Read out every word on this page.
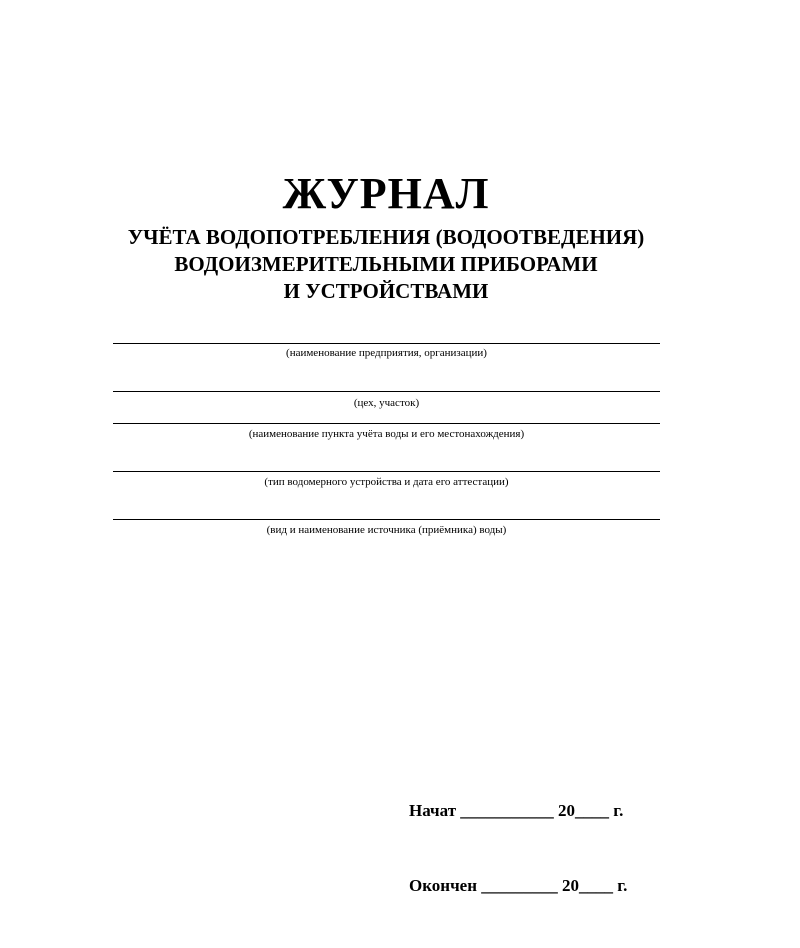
ЖУРНАЛ
УЧЁТА ВОДОПОТРЕБЛЕНИЯ (ВОДООТВЕДЕНИЯ)
ВОДОИЗМЕРИТЕЛЬНЫМИ ПРИБОРАМИ
И УСТРОЙСТВАМИ
(наименование предприятия, организации)
(цех, участок)
(наименование пункта учёта воды и его местонахождения)
(тип водомерного устройства и дата его аттестации)
(вид и наименование источника (приёмника) воды)

Начат ___________ 20____ г.

Окончен _________ 20____ г.
